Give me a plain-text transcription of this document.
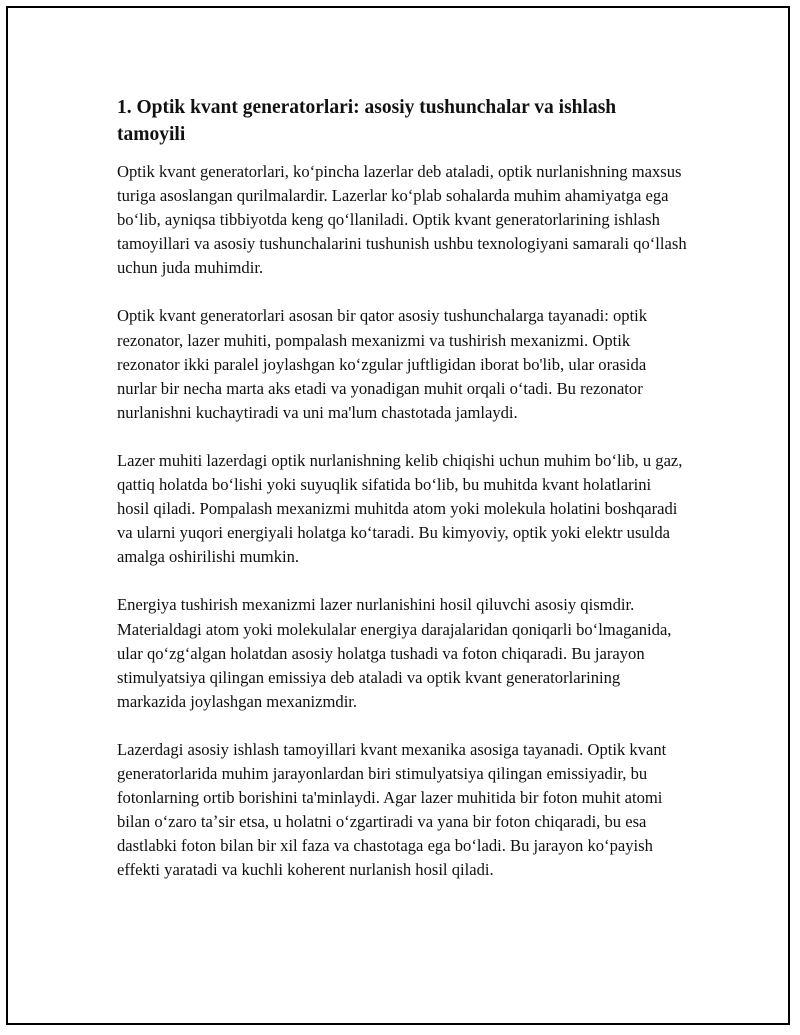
1. Optik kvant generatorlari: asosiy tushunchalar va ishlash tamoyili

Optik kvant generatorlari, koʻpincha lazerlar deb ataladi, optik nurlanishning maxsus turiga asoslangan qurilmalardir. Lazerlar koʻplab sohalarda muhim ahamiyatga ega boʻlib, ayniqsa tibbiyotda keng qoʻllaniladi. Optik kvant generatorlarining ishlash tamoyillari va asosiy tushunchalarini tushunish ushbu texnologiyani samarali qoʻllash uchun juda muhimdir.

Optik kvant generatorlari asosan bir qator asosiy tushunchalarga tayanadi: optik rezonator, lazer muhiti, pompalash mexanizmi va tushirish mexanizmi. Optik rezonator ikki paralel joylashgan koʻzgular juftligidan iborat bo'lib, ular orasida nurlar bir necha marta aks etadi va yonadigan muhit orqali oʻtadi. Bu rezonator nurlanishni kuchaytiradi va uni ma'lum chastotada jamlaydi.

Lazer muhiti lazerdagi optik nurlanishning kelib chiqishi uchun muhim boʻlib, u gaz, qattiq holatda boʻlishi yoki suyuqlik sifatida boʻlib, bu muhitda kvant holatlarini hosil qiladi. Pompalash mexanizmi muhitda atom yoki molekula holatini boshqaradi va ularni yuqori energiyali holatga koʻtaradi. Bu kimyoviy, optik yoki elektr usulda amalga oshirilishi mumkin.

Energiya tushirish mexanizmi lazer nurlanishini hosil qiluvchi asosiy qismdir. Materialdagi atom yoki molekulalar energiya darajalaridan qoniqarli boʻlmaganida, ular qoʻzgʻalgan holatdan asosiy holatga tushadi va foton chiqaradi. Bu jarayon stimulyatsiya qilingan emissiya deb ataladi va optik kvant generatorlarining markazida joylashgan mexanizmdir.

Lazerdagi asosiy ishlash tamoyillari kvant mexanika asosiga tayanadi. Optik kvant generatorlarida muhim jarayonlardan biri stimulyatsiya qilingan emissiyadir, bu fotonlarning ortib borishini ta'minlaydi. Agar lazer muhitida bir foton muhit atomi bilan oʻzaro taʼsir etsa, u holatni oʻzgartiradi va yana bir foton chiqaradi, bu esa dastlabki foton bilan bir xil faza va chastotaga ega boʻladi. Bu jarayon koʻpayish effekti yaratadi va kuchli koherent nurlanish hosil qiladi.
